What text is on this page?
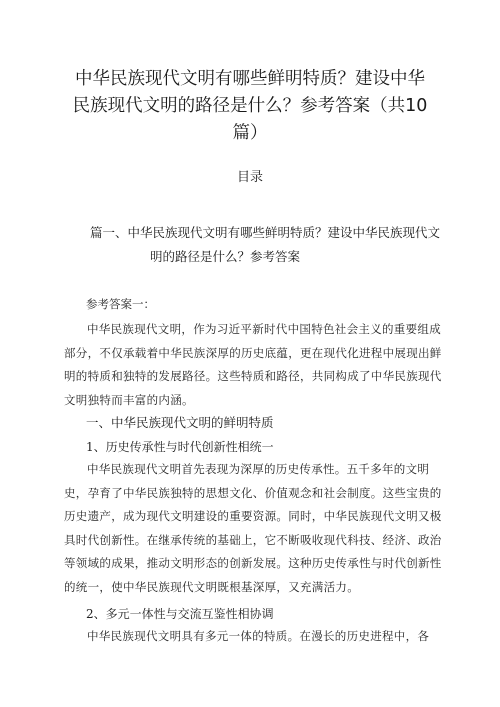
中华民族现代文明有哪些鲜明特质？建设中华
民族现代文明的路径是什么？参考答案（共10
篇）
目录
篇一、中华民族现代文明有哪些鲜明特质？建设中华民族现代文
明的路径是什么？参考答案
参考答案一：

中华民族现代文明，作为习近平新时代中国特色社会主义的重要组成部分，不仅承载着中华民族深厚的历史底蕴，更在现代化进程中展现出鲜明的特质和独特的发展路径。这些特质和路径，共同构成了中华民族现代文明独特而丰富的内涵。

一、中华民族现代文明的鲜明特质
1、历史传承性与时代创新性相统一

中华民族现代文明首先表现为深厚的历史传承性。五千多年的文明史，孕育了中华民族独特的思想文化、价值观念和社会制度。这些宝贵的历史遗产，成为现代文明建设的重要资源。同时，中华民族现代文明又极具时代创新性。在继承传统的基础上，它不断吸收现代科技、经济、政治等领域的成果，推动文明形态的创新发展。这种历史传承性与时代创新性的统一，使中华民族现代文明既根基深厚，又充满活力。

2、多元一体性与交流互鉴性相协调

中华民族现代文明具有多元一体的特质。在漫长的历史进程中，各
